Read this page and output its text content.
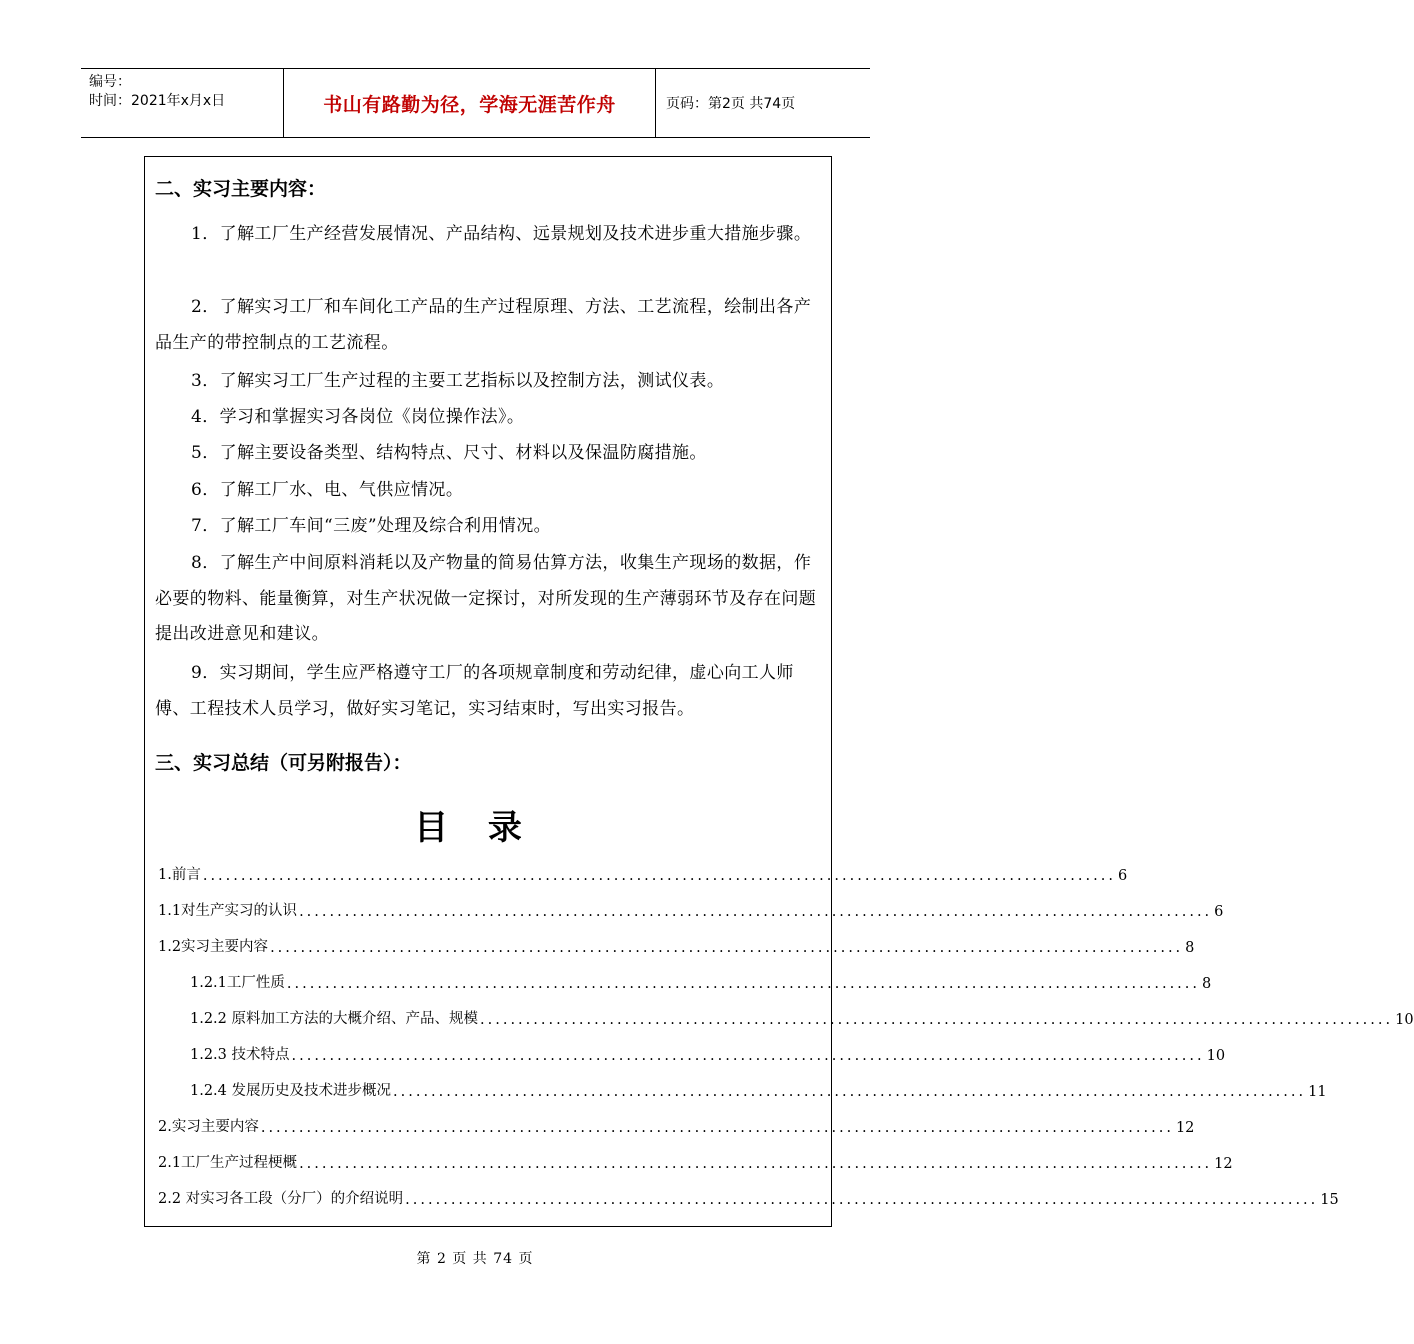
编号：
时间：2021年x月x日	书山有路勤为径，学海无涯苦作舟	页码：第2页 共74页
二、实习主要内容：

1．了解工厂生产经营发展情况、产品结构、远景规划及技术进步重大措施步骤。

2．了解实习工厂和车间化工产品的生产过程原理、方法、工艺流程，绘制出各产品生产的带控制点的工艺流程。

3．了解实习工厂生产过程的主要工艺指标以及控制方法，测试仪表。

4．学习和掌握实习各岗位《岗位操作法》。

5．了解主要设备类型、结构特点、尺寸、材料以及保温防腐措施。

6．了解工厂水、电、气供应情况。

7．了解工厂车间“三废”处理及综合利用情况。

8．了解生产中间原料消耗以及产物量的简易估算方法，收集生产现场的数据，作必要的物料、能量衡算，对生产状况做一定探讨，对所发现的生产薄弱环节及存在问题提出改进意见和建议。

9．实习期间，学生应严格遵守工厂的各项规章制度和劳动纪律，虚心向工人师傅、工程技术人员学习，做好实习笔记，实习结束时，写出实习报告。

三、实习总结（可另附报告）：
目 录
1.前言 ........................................................................................................................ 6
1.1对生产实习的认识 ........................................................................................................................ 6
1.2实习主要内容 ........................................................................................................................ 8
1.2.1工厂性质 ........................................................................................................................ 8
1.2.2 原料加工方法的大概介绍、产品、规模 ........................................................................................................................ 10
1.2.3 技术特点 ........................................................................................................................ 10
1.2.4 发展历史及技术进步概况 ........................................................................................................................ 11
2.实习主要内容 ........................................................................................................................ 12
2.1工厂生产过程梗概 ........................................................................................................................ 12
2.2 对实习各工段（分厂）的介绍说明 ........................................................................................................................ 15
第 2 页 共 74 页
